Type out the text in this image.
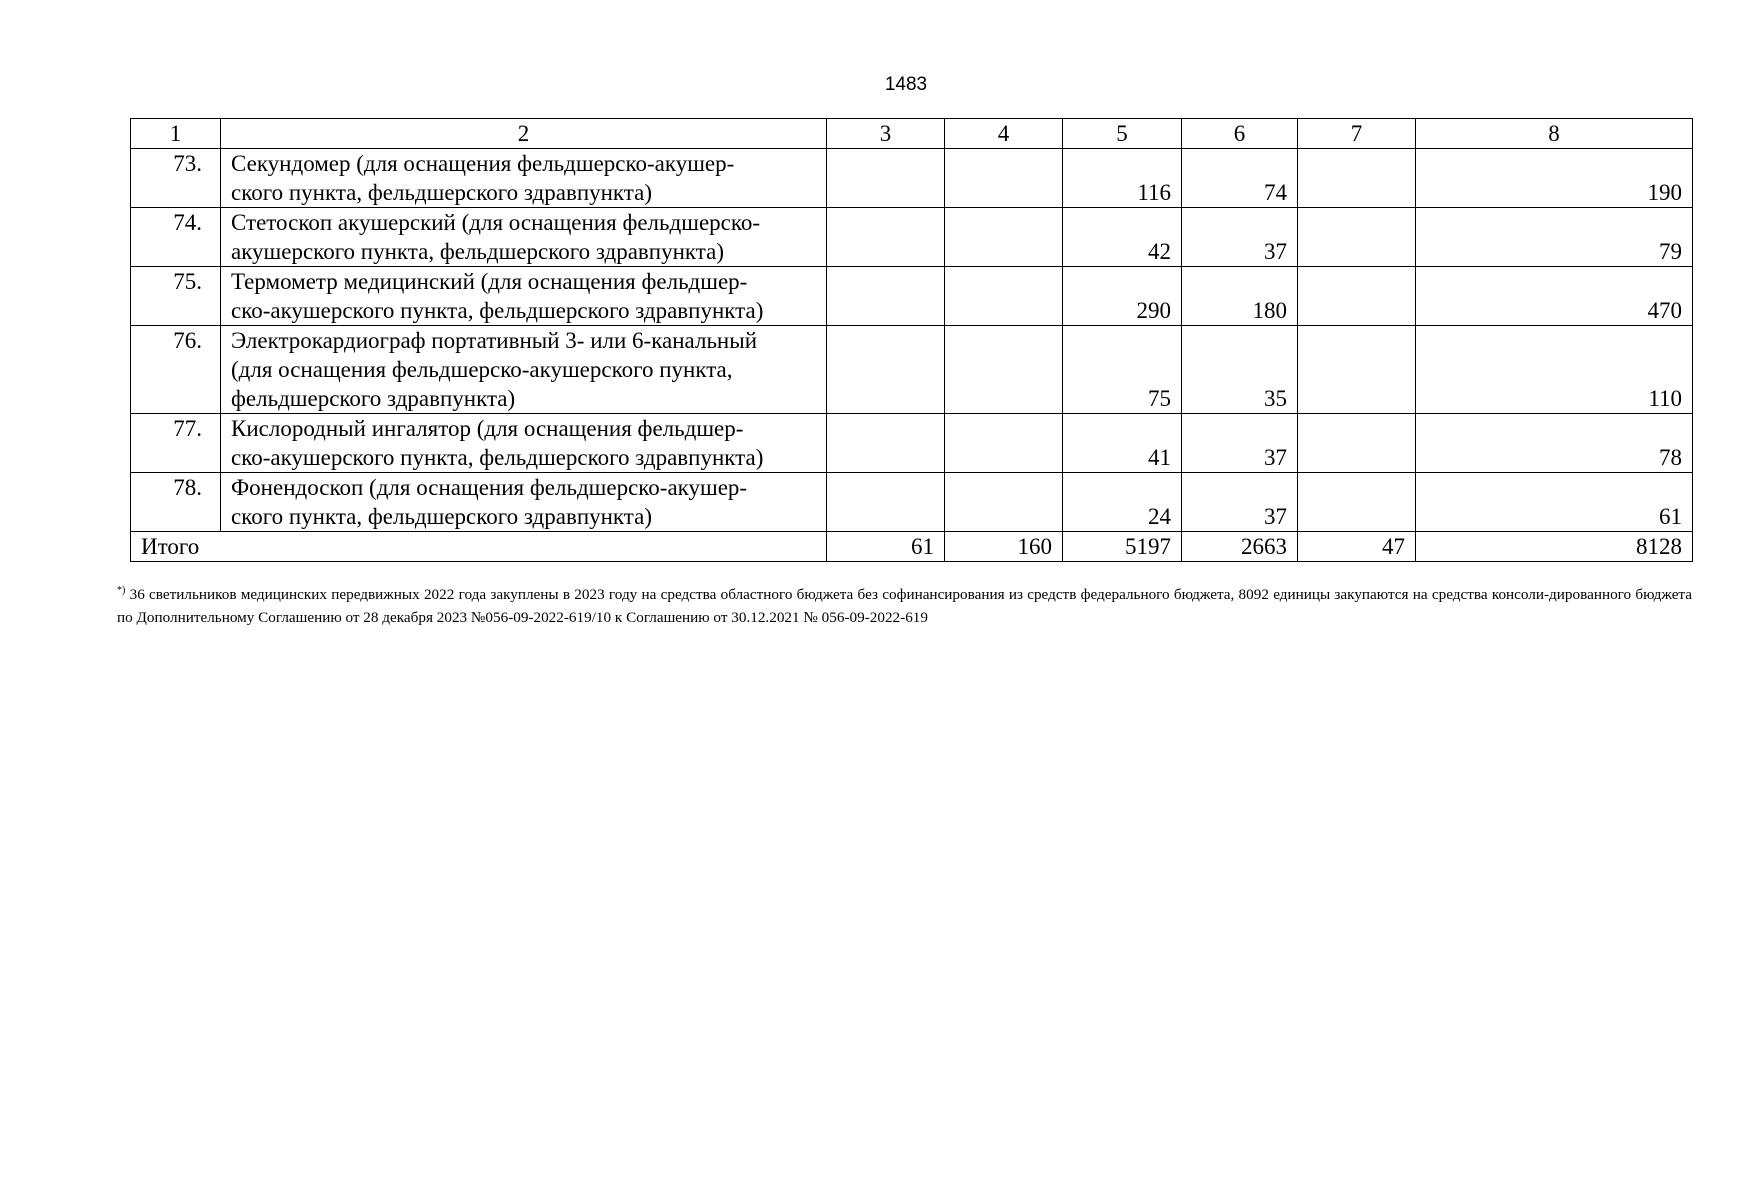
1483
1	2	3	4	5	6	7	8
73.	Секундомер (для оснащения фельдшерско-акушер-
ского пункта, фельдшерского здравпункта)			116	74		190
74.	Стетоскоп акушерский (для оснащения фельдшерско-
акушерского пункта, фельдшерского здравпункта)			42	37		79
75.	Термометр медицинский (для оснащения фельдшер-
ско-акушерского пункта, фельдшерского здравпункта)			290	180		470
76.	Электрокардиограф портативный 3- или 6-канальный
(для оснащения фельдшерско-акушерского пункта,
фельдшерского здравпункта)			75	35		110
77.	Кислородный ингалятор (для оснащения фельдшер-
ско-акушерского пункта, фельдшерского здравпункта)			41	37		78
78.	Фонендоскоп (для оснащения фельдшерско-акушер-
ского пункта, фельдшерского здравпункта)			24	37		61
Итого		61	160	5197	2663	47	8128
*) 36 светильников медицинских передвижных 2022 года закуплены в 2023 году на средства областного бюджета без софинансирования из средств федерального бюджета, 8092 единицы закупаются на средства консоли-дированного бюджета по Дополнительному Соглашению от 28 декабря 2023 №056-09-2022-619/10 к Соглашению от 30.12.2021 № 056-09-2022-619
